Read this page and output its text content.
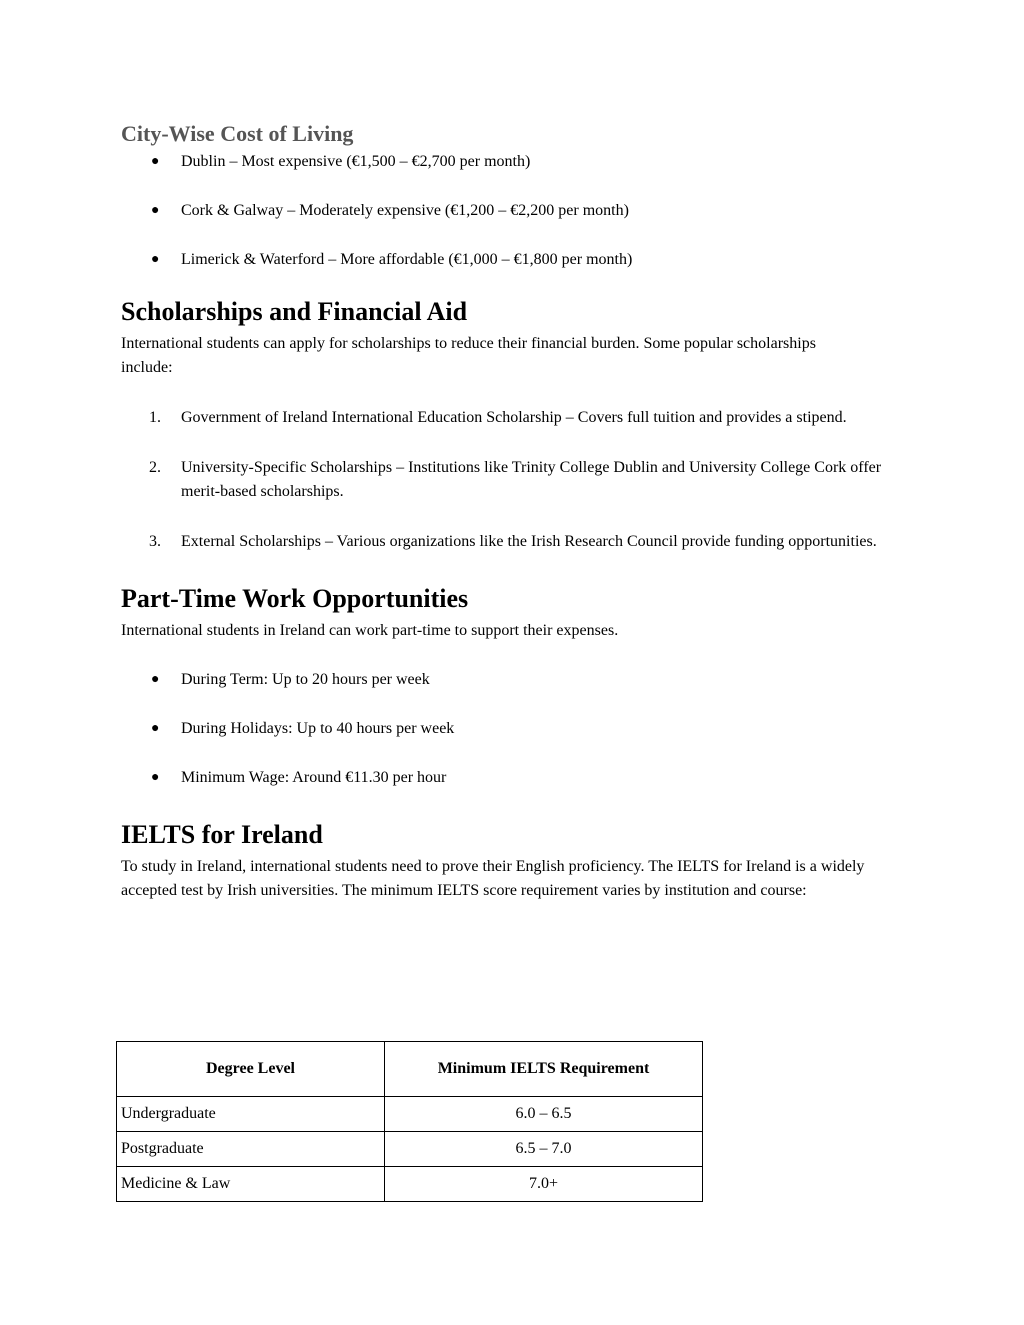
City-Wise Cost of Living
● Dublin – Most expensive (€1,500 – €2,700 per month)
● Cork & Galway – Moderately expensive (€1,200 – €2,200 per month)
● Limerick & Waterford – More affordable (€1,000 – €1,800 per month)
Scholarships and Financial Aid

International students can apply for scholarships to reduce their financial burden. Some popular scholarships include:

1. Government of Ireland International Education Scholarship – Covers full tuition and provides a stipend.
2. University-Specific Scholarships – Institutions like Trinity College Dublin and University College Cork offer merit-based scholarships.
3. External Scholarships – Various organizations like the Irish Research Council provide funding opportunities.
Part-Time Work Opportunities

International students in Ireland can work part-time to support their expenses.

● During Term: Up to 20 hours per week
● During Holidays: Up to 40 hours per week
● Minimum Wage: Around €11.30 per hour
IELTS for Ireland

To study in Ireland, international students need to prove their English proficiency. The IELTS for Ireland is a widely accepted test by Irish universities. The minimum IELTS score requirement varies by institution and course:

Degree Level	Minimum IELTS Requirement
Undergraduate	6.0 – 6.5
Postgraduate	6.5 – 7.0
Medicine & Law	7.0+
